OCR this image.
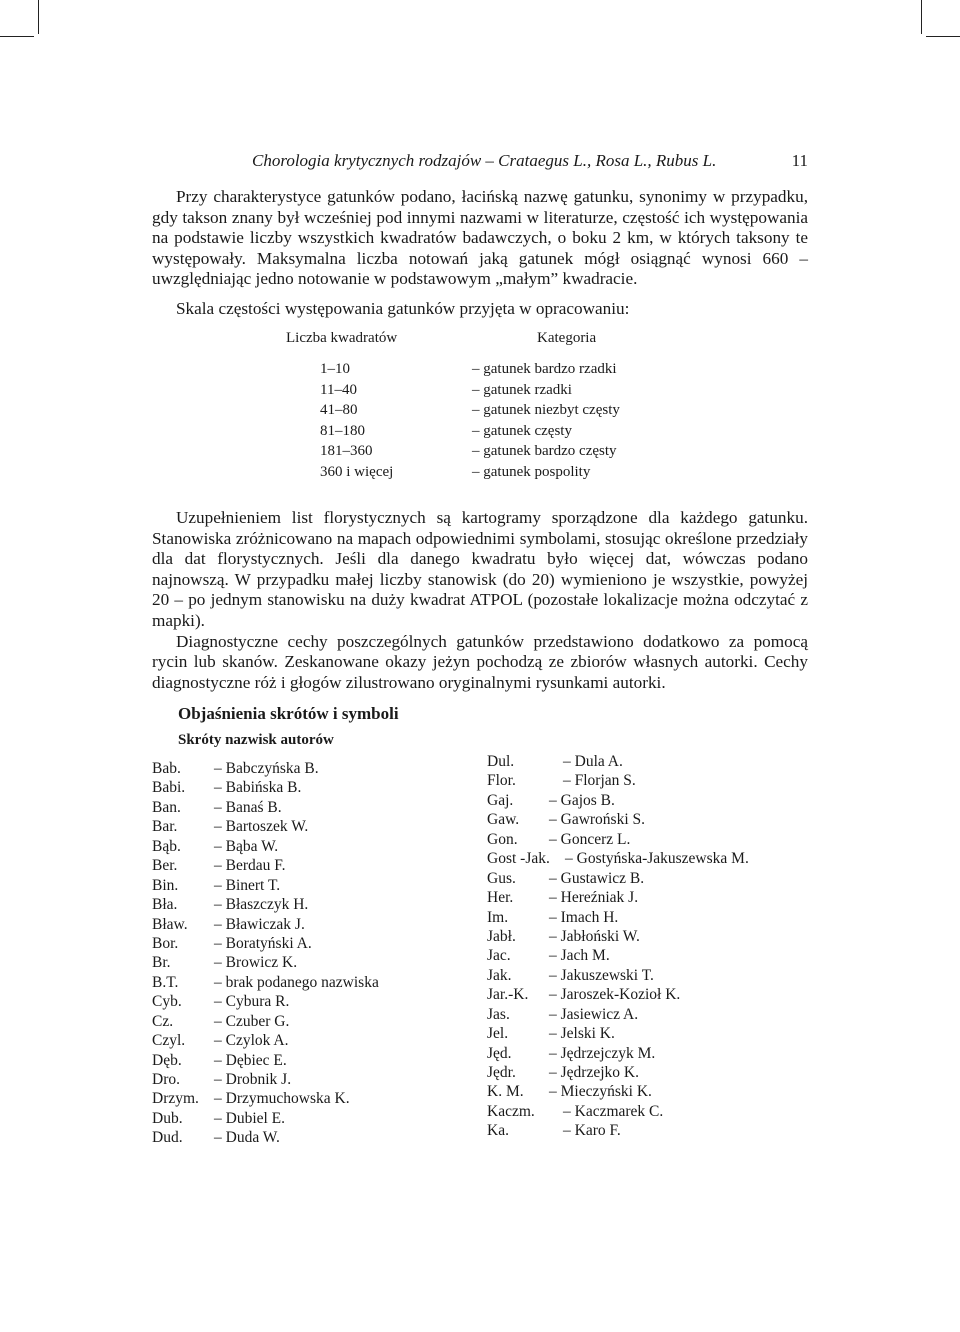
Chorologia krytycznych rodzajów – Crataegus L., Rosa L., Rubus L.	11

Przy charakterystyce gatunków podano, łacińską nazwę gatunku, synonimy w przypadku, gdy takson znany był wcześniej pod innymi nazwami w literaturze, częstość ich występowania na podstawie liczby wszystkich kwadratów badawczych, o boku 2 km, w których taksony te występowały. Maksymalna liczba notowań jaką gatunek mógł osiągnąć wynosi 660 – uwzględniając jedno notowanie w podstawowym „małym” kwadracie.

Skala częstości występowania gatunków przyjęta w opracowaniu:

Liczba kwadratów	Kategoria
1–10	– gatunek bardzo rzadki
11–40	– gatunek rzadki
41–80	– gatunek niezbyt częsty
81–180	– gatunek częsty
181–360	– gatunek bardzo częsty
360 i więcej	– gatunek pospolity

Uzupełnieniem list florystycznych są kartogramy sporządzone dla każdego gatunku. Stanowiska zróżnicowano na mapach odpowiednimi symbolami, stosując określone przedziały dla dat florystycznych. Jeśli dla danego kwadratu było więcej dat, wówczas podano najnowszą. W przypadku małej liczby stanowisk (do 20) wymieniono je wszystkie, powyżej 20 – po jednym stanowisku na duży kwadrat ATPOL (pozostałe lokalizacje można odczytać z mapki).

Diagnostyczne cechy poszczególnych gatunków przedstawiono dodatkowo za pomocą rycin lub skanów. Zeskanowane okazy jeżyn pochodzą ze zbiorów własnych autorki. Cechy diagnostyczne róż i głogów zilustrowano oryginalnymi rysunkami autorki.

Objaśnienia skrótów i symboli
Skróty nazwisk autorów
Bab. – Babczyńska B.
Babi. – Babińska B.
Ban. – Banaś B.
Bar. – Bartoszek W.
Bąb. – Bąba W.
Ber. – Berdau F.
Bin. – Binert T.
Bła. – Błaszczyk H.
Bław. – Bławiczak J.
Bor. – Boratyński A.
Br.	– Browicz K.
B.T. – brak podanego nazwiska
Cyb. – Cybura R.
Cz.	– Czuber G.
Czyl. – Czylok A.
Dęb. – Dębiec E.
Dro. – Drobnik J.
Drzym. – Drzymuchowska K.
Dub. – Dubiel E.
Dud. – Duda W.
Dul.	– Dula A.
Flor.	– Florjan S.
Gaj. – Gajos B.
Gaw. – Gawroński S.
Gon. – Goncerz L.
Gost -Jak. – Gostyńska-Jakuszewska M.
Gus. – Gustawicz B.
Her. – Hereźniak J.
Im.	– Imach H.
Jabł. – Jabłoński W.
Jac. – Jach M.
Jak. – Jakuszewski T.
Jar.-K. – Jaroszek-Kozioł K.
Jas.	– Jasiewicz A.
Jel.	– Jelski K.
Jęd. – Jędrzejczyk M.
Jędr. – Jędrzejko K.
K. M. – Mieczyński K.
Kaczm. – Kaczmarek C.
Ka.	– Karo F.
